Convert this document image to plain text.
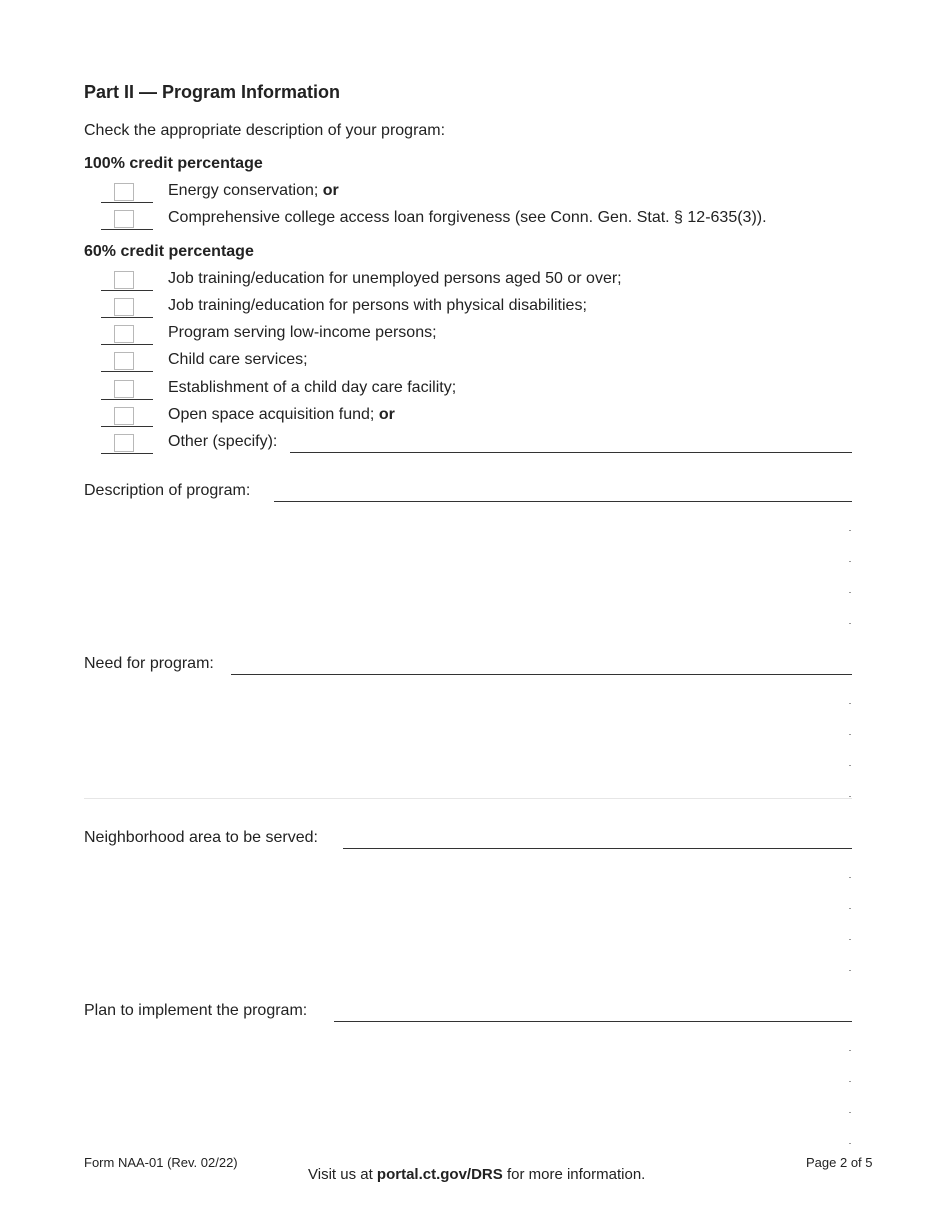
Part II — Program Information
Check the appropriate description of your program:
100% credit percentage
Energy conservation; or
Comprehensive college access loan forgiveness (see Conn. Gen. Stat. § 12-635(3)).
60% credit percentage
Job training/education for unemployed persons aged 50 or over;
Job training/education for persons with physical disabilities;
Program serving low-income persons;
Child care services;
Establishment of a child day care facility;
Open space acquisition fund; or
Other (specify):
Description of program:
Need for program:
Neighborhood area to be served:
Plan to implement the program:
Form NAA-01 (Rev. 02/22)	Page 2 of 5
Visit us at portal.ct.gov/DRS for more information.
